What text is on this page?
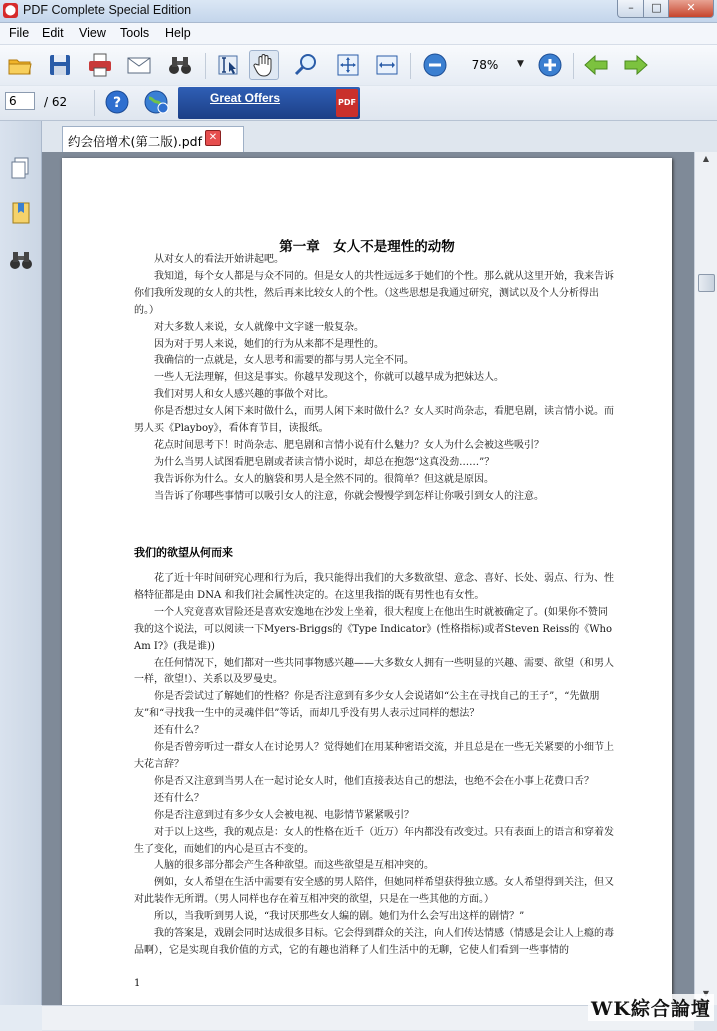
⬤ PDF Complete Special Edition	–	□	✕
File Edit View Tools Help
78%	▼
6	/ 62	?	Great Offers	PDF
约会倍增术(第二版).pdf ✕
第一章　女人不是理性的动物
从对女人的看法开始讲起吧。
我知道，每个女人都是与众不同的。但是女人的共性远远多于她们的个性。那么就从这里开始，我来告诉你们我所发现的女人的共性，然后再来比较女人的个性。（这些思想是我通过研究，测试以及个人分析得出的。）
对大多数人来说，女人就像中文字谜一般复杂。
因为对于男人来说，她们的行为从来都不是理性的。
我确信的一点就是，女人思考和需要的都与男人完全不同。
一些人无法理解，但这是事实。你越早发现这个，你就可以越早成为把妹达人。
我们对男人和女人感兴趣的事做个对比。
你是否想过女人闲下来时做什么，而男人闲下来时做什么？女人买时尚杂志，看肥皂剧，读言情小说。而男人买《Playboy》，看体育节目，读报纸。
花点时间思考下！时尚杂志、肥皂剧和言情小说有什么魅力？女人为什么会被这些吸引？
为什么当男人试图看肥皂剧或者读言情小说时，却总在抱怨“这真没劲……”？
我告诉你为什么。女人的脑袋和男人是全然不同的。很简单？但这就是原因。
当告诉了你哪些事情可以吸引女人的注意，你就会慢慢学到怎样让你吸引到女人的注意。
我们的欲望从何而来
花了近十年时间研究心理和行为后，我只能得出我们的大多数欲望、意念、喜好、长处、弱点、行为、性格特征都是由 DNA 和我们社会属性决定的。在这里我指的既有男性也有女性。
一个人究竟喜欢冒险还是喜欢安逸地在沙发上坐着，很大程度上在他出生时就被确定了。(如果你不赞同我的这个说法，可以阅读一下Myers-Briggs的《Type Indicator》(性格指标)或者Steven Reiss的《Who Am I?》(我是谁))
在任何情况下，她们都对一些共同事物感兴趣——大多数女人拥有一些明显的兴趣、需要、欲望（和男人一样，欲望!）、关系以及罗曼史。
你是否尝试过了解她们的性格？你是否注意到有多少女人会说诸如“公主在寻找自己的王子”，“先做朋友”和“寻找我一生中的灵魂伴侣”等话，而却几乎没有男人表示过同样的想法？
还有什么？
你是否曾旁听过一群女人在讨论男人？觉得她们在用某种密语交流，并且总是在一些无关紧要的小细节上大花言辞？
你是否又注意到当男人在一起讨论女人时，他们直接表达自己的想法，也绝不会在小事上花费口舌？
还有什么？
你是否注意到过有多少女人会被电视、电影情节紧紧吸引？
对于以上这些，我的观点是：女人的性格在近千（近万）年内都没有改变过。只有表面上的语言和穿着发生了变化，而她们的内心是亘古不变的。
人脑的很多部分都会产生各种欲望。而这些欲望是互相冲突的。
例如，女人希望在生活中需要有安全感的男人陪伴，但她同样希望获得独立感。女人希望得到关注，但又对此装作无所谓。（男人同样也存在着互相冲突的欲望，只是在一些其他的方面。）
所以，当我听到男人说，“我讨厌那些女人编的剧。她们为什么会写出这样的剧情？”
我的答案是，戏剧会同时达成很多目标。它会得到群众的关注，向人们传达情感（情感是会让人上瘾的毒品啊），它是实现自我价值的方式，它的有趣也消释了人们生活中的无聊，它使人们看到一些事情的
1
▲
WK綜合論壇
